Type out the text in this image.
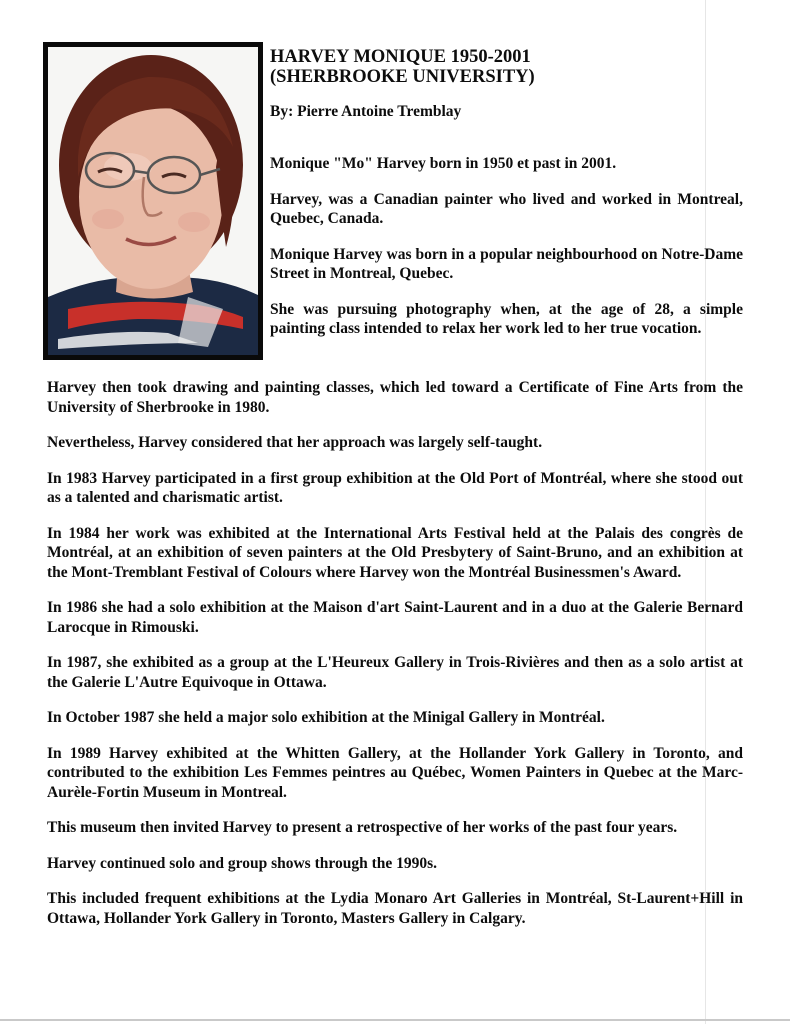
HARVEY MONIQUE 1950-2001

(SHERBROOKE UNIVERSITY)

By: Pierre Antoine Tremblay

Monique "Mo" Harvey born in 1950 et past in 2001.

Harvey, was a Canadian painter who lived and worked in Montreal, Quebec, Canada.

Monique Harvey was born in a popular neighbourhood on Notre-Dame Street in Montreal, Quebec.

She was pursuing photography when, at the age of 28, a simple painting class intended to relax her work led to her true vocation.

Harvey then took drawing and painting classes, which led toward a Certificate of Fine Arts from the University of Sherbrooke in 1980.

Nevertheless, Harvey considered that her approach was largely self-taught.

In 1983 Harvey participated in a first group exhibition at the Old Port of Montréal, where she stood out as a talented and charismatic artist.

In 1984 her work was exhibited at the International Arts Festival held at the Palais des congrès de Montréal, at an exhibition of seven painters at the Old Presbytery of Saint-Bruno, and an exhibition at the Mont-Tremblant Festival of Colours where Harvey won the Montréal Businessmen's Award.

In 1986 she had a solo exhibition at the Maison d'art Saint-Laurent and in a duo at the Galerie Bernard Larocque in Rimouski.

In 1987, she exhibited as a group at the L'Heureux Gallery in Trois-Rivières and then as a solo artist at the Galerie L'Autre Equivoque in Ottawa.

In October 1987 she held a major solo exhibition at the Minigal Gallery in Montréal.

In 1989 Harvey exhibited at the Whitten Gallery, at the Hollander York Gallery in Toronto, and contributed to the exhibition Les Femmes peintres au Québec, Women Painters in Quebec at the Marc-Aurèle-Fortin Museum in Montreal.

This museum then invited Harvey to present a retrospective of her works of the past four years.

Harvey continued solo and group shows through the 1990s.

This included frequent exhibitions at the Lydia Monaro Art Galleries in Montréal, St-Laurent+Hill in Ottawa, Hollander York Gallery in Toronto, Masters Gallery in Calgary.
